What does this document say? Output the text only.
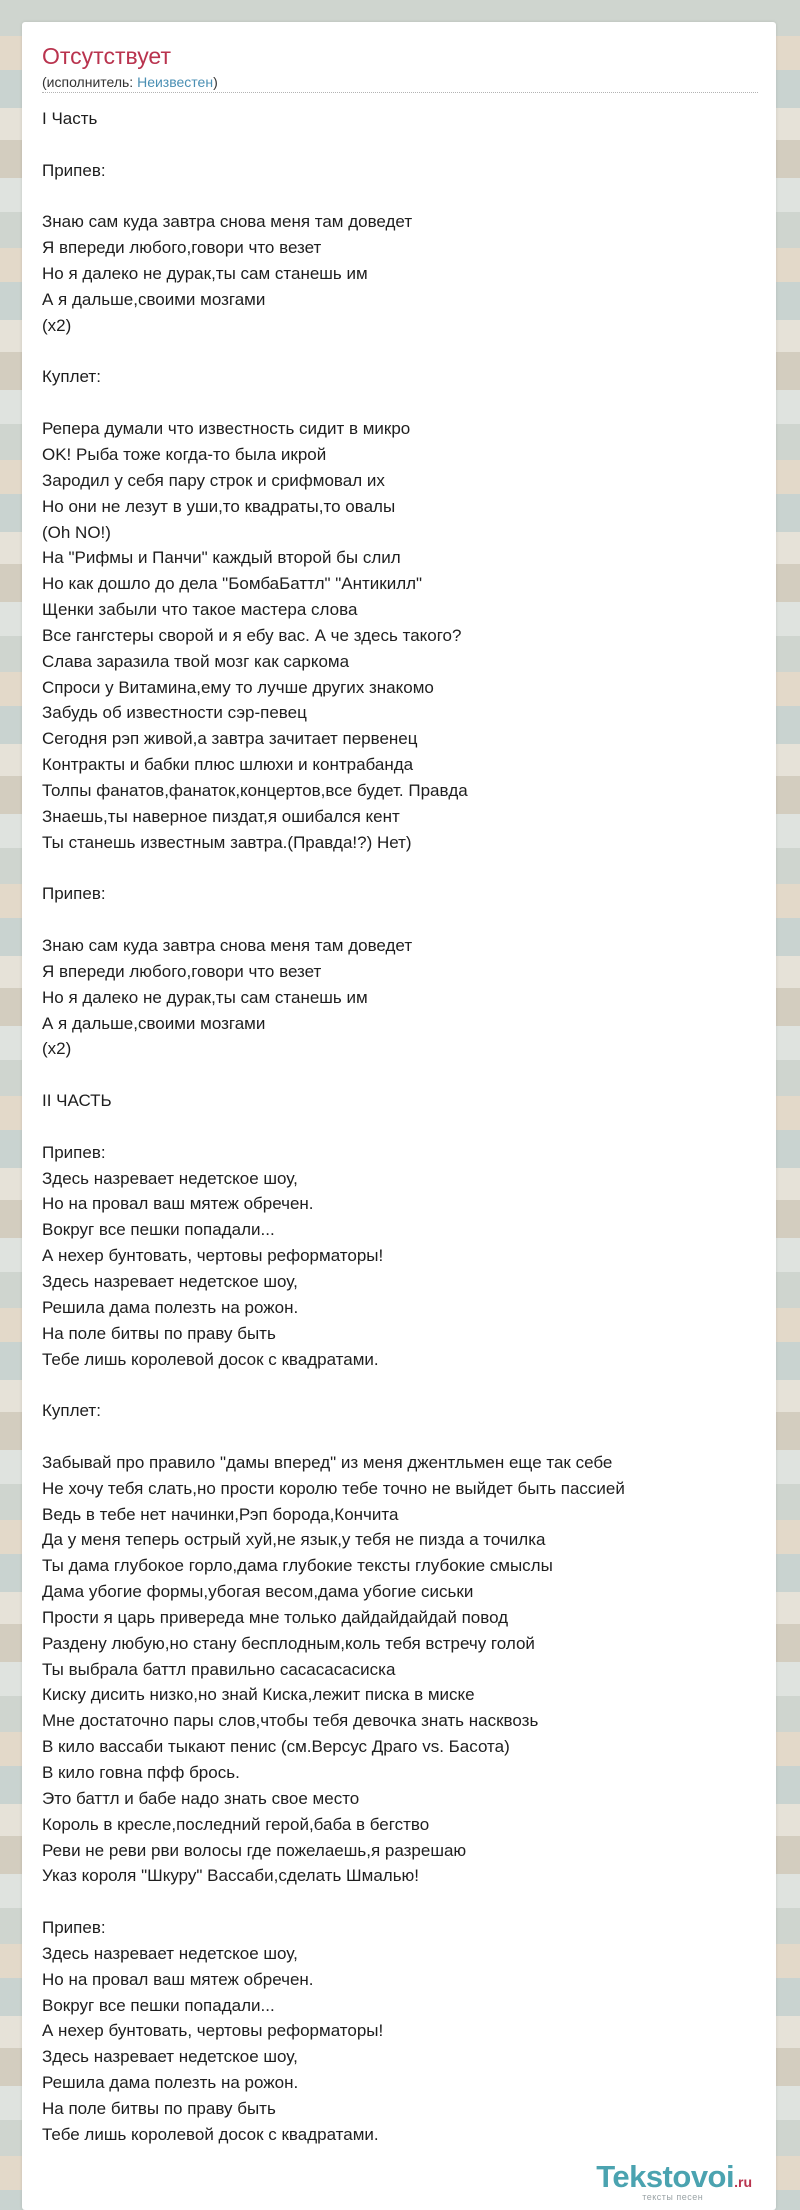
Отсутствует
(исполнитель: Неизвестен)
I Часть

Припев:

Знаю сам куда завтра снова меня там доведет
Я впереди любого,говори что везет
Но я далеко не дурак,ты сам станешь им
А я дальше,своими мозгами
(x2)

Куплет:

Репера думали что известность сидит в микро
OK! Рыба тоже когда-то была икрой
Зародил у себя пару строк и срифмовал их
Но они не лезут в уши,то квадраты,то овалы
(Oh NO!)
На "Рифмы и Панчи" каждый второй бы слил
Но как дошло до дела "БомбаБаттл" "Антикилл"
Щенки забыли что такое мастера слова
Все гангстеры сворой и я ебу вас. А че здесь такого?
Слава заразила твой мозг как саркома
Спроси у Витамина,ему то лучше других знакомо
Забудь об известности сэр-певец
Сегодня рэп живой,а завтра зачитает первенец
Контракты и бабки плюс шлюхи и контрабанда
Толпы фанатов,фанаток,концертов,все будет. Правда
Знаешь,ты наверное пиздат,я ошибался кент
Ты станешь известным завтра.(Правда!?) Нет)

Припев:

Знаю сам куда завтра снова меня там доведет
Я впереди любого,говори что везет
Но я далеко не дурак,ты сам станешь им
А я дальше,своими мозгами
(x2)

II ЧАСТЬ

Припев:
Здесь назревает недетское шоу,
Но на провал ваш мятеж обречен.
Вокруг все пешки попадали...
А нехер бунтовать, чертовы реформаторы!
Здесь назревает недетское шоу,
Решила дама полезть на рожон.
На поле битвы по праву быть
Тебе лишь королевой досок с квадратами.

Куплет:

Забывай про правило "дамы вперед" из меня джентльмен еще так себе
Не хочу тебя слать,но прости королю тебе точно не выйдет быть пассией
Ведь в тебе нет начинки,Рэп борода,Кончита
Да у меня теперь острый хуй,не язык,у тебя не пизда а точилка
Ты дама глубокое горло,дама глубокие тексты глубокие смыслы
Дама убогие формы,убогая весом,дама убогие сиськи
Прости я царь привереда мне только дайдайдайдай повод
Раздену любую,но стану бесплодным,коль тебя встречу голой
Ты выбрала баттл правильно сасасасасиска
Киску дисить низко,но знай Киска,лежит писка в миске
Мне достаточно пары слов,чтобы тебя девочка знать насквозь
В кило вассаби тыкают пенис (см.Версус Драго vs. Басота)
В кило говна пфф брось.
Это баттл и бабе надо знать свое место
Король в кресле,последний герой,баба в бегство
Реви не реви рви волосы где пожелаешь,я разрешаю
Указ короля "Шкуру" Вассаби,сделать Шмалью!

Припев:
Здесь назревает недетское шоу,
Но на провал ваш мятеж обречен.
Вокруг все пешки попадали...
А нехер бунтовать, чертовы реформаторы!
Здесь назревает недетское шоу,
Решила дама полезть на рожон.
На поле битвы по праву быть
Тебе лишь королевой досок с квадратами.
Tekstovoi.ru
тексты песен
